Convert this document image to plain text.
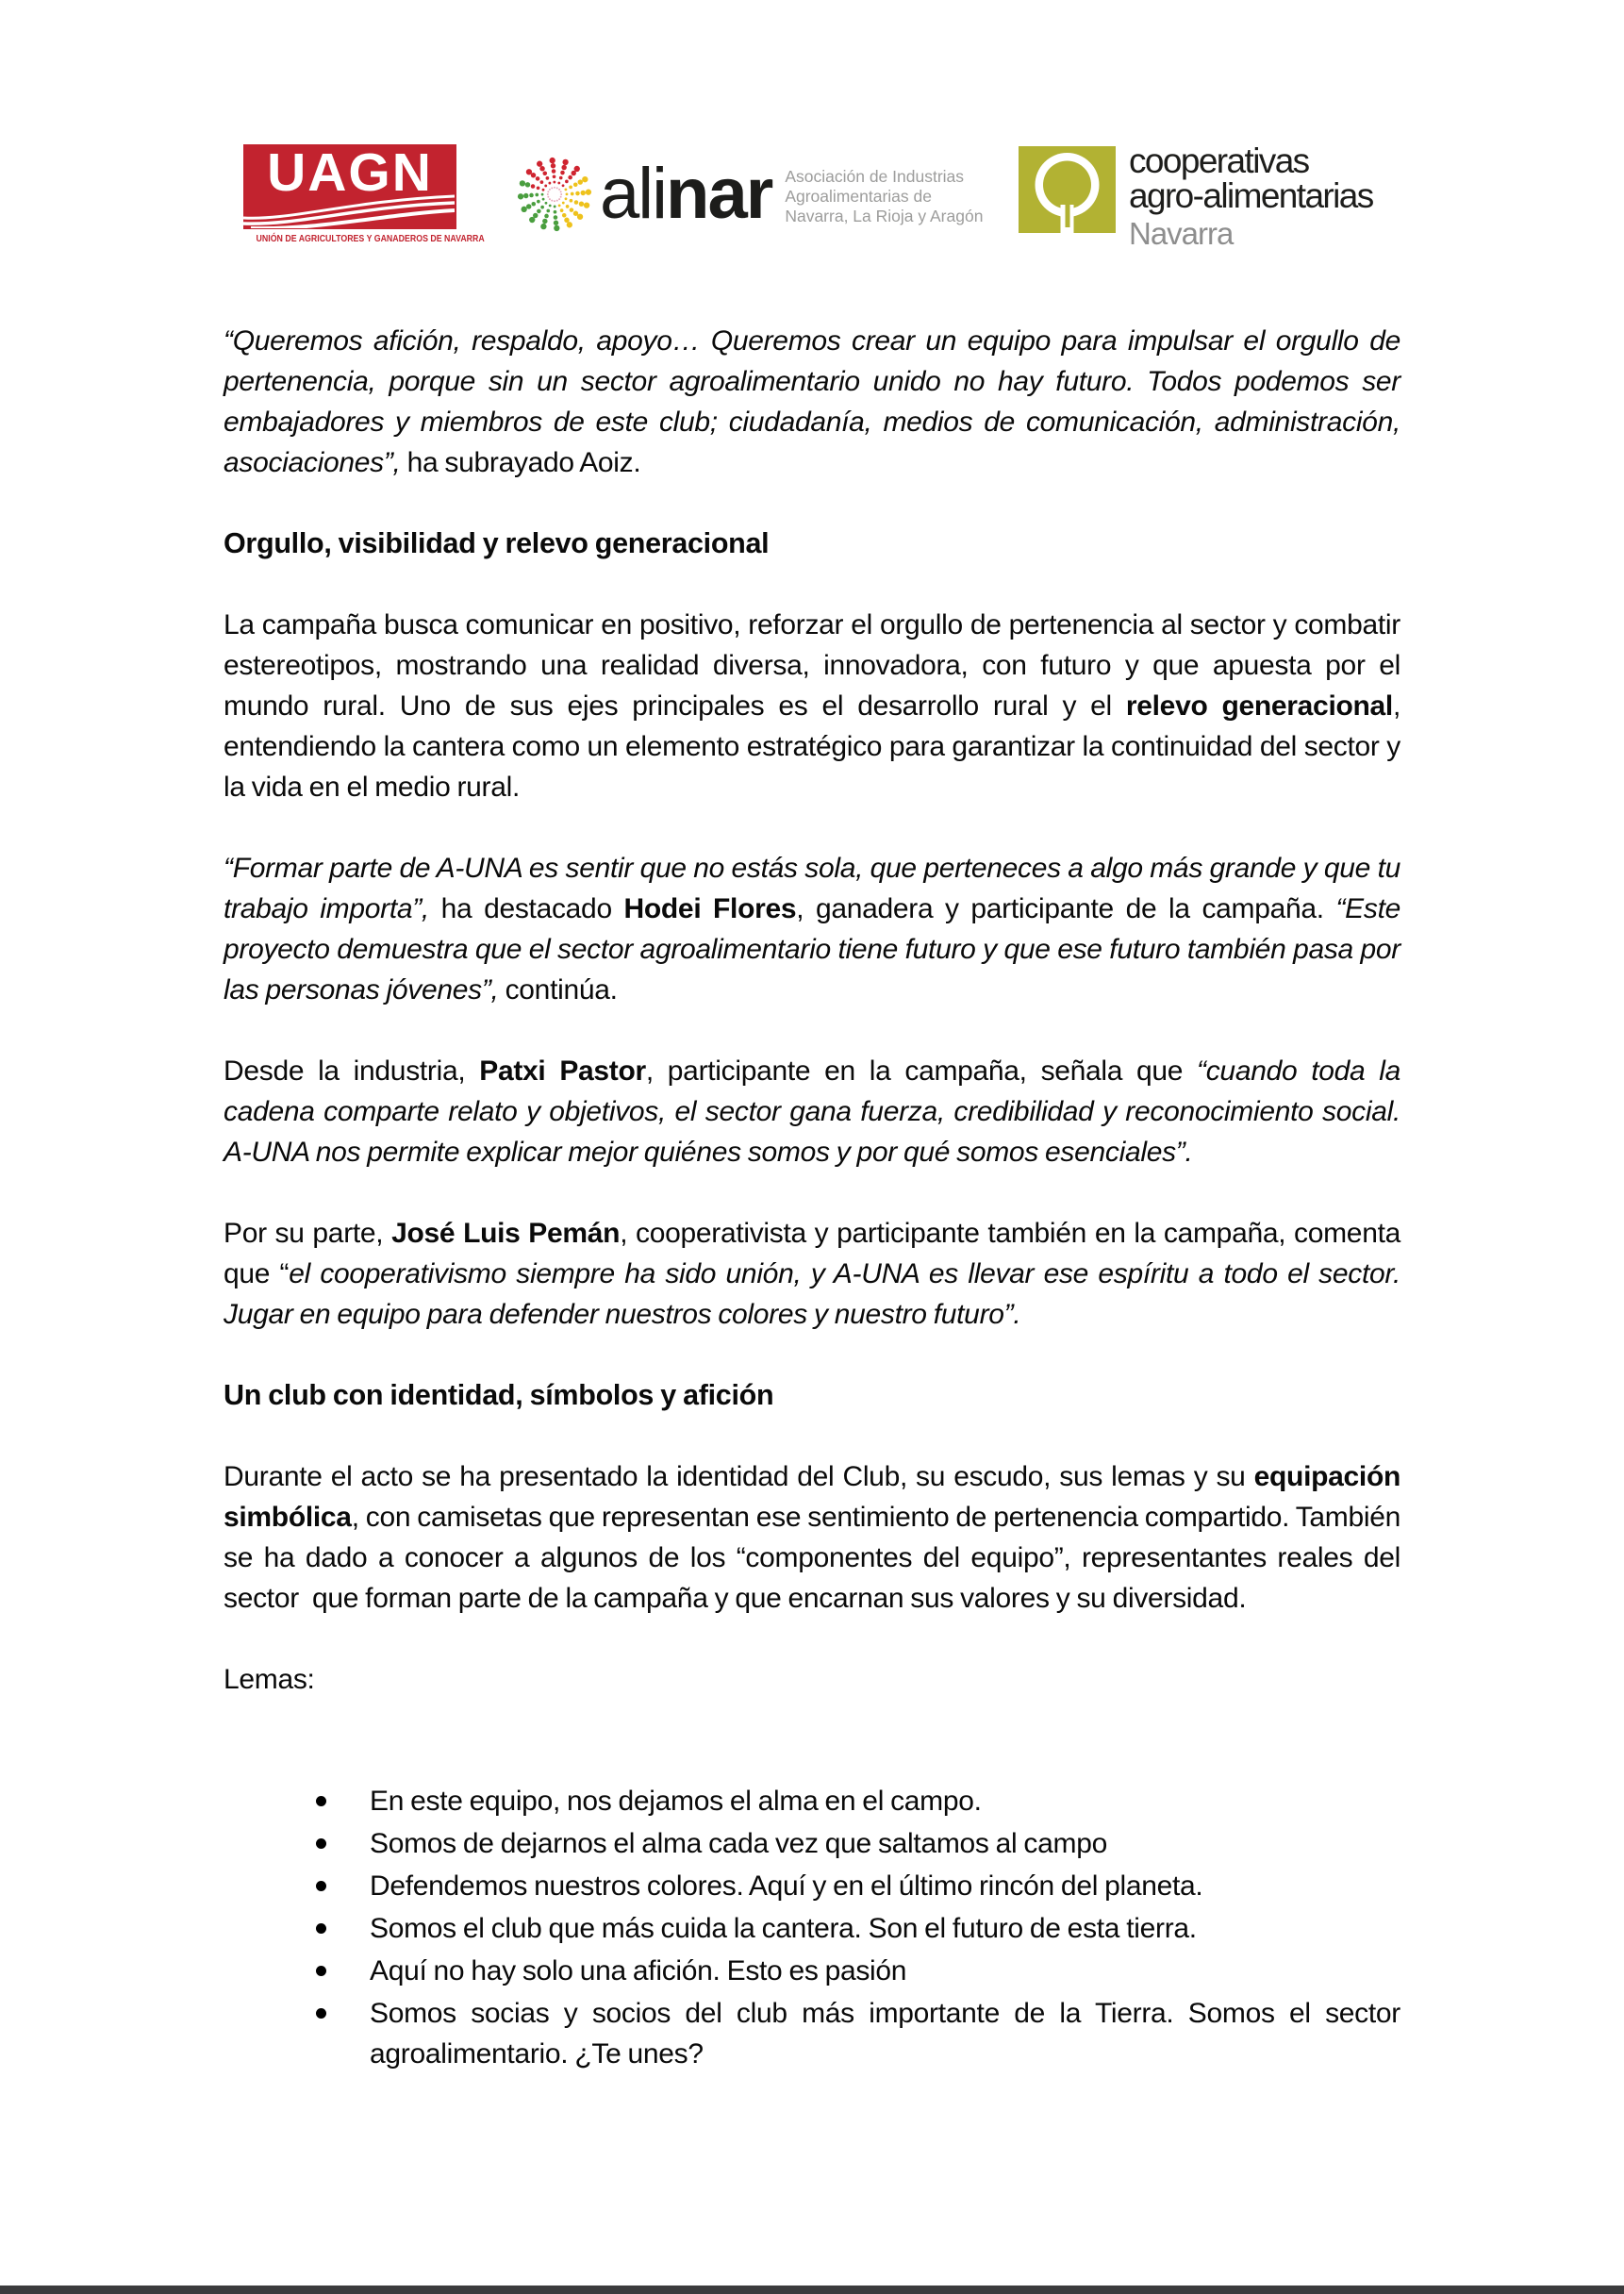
UAGN
UNIÓN DE AGRICULTORES Y GANADEROS DE NAVARRA
alinar Asociación de Industrias
Agroalimentarias de
Navarra, La Rioja y Aragón
cooperativas
agro-alimentarias
Navarra

“Queremos afición, respaldo, apoyo… Queremos crear un equipo para impulsar el orgullo de pertenencia, porque sin un sector agroalimentario unido no hay futuro. Todos podemos ser embajadores y miembros de este club; ciudadanía, medios de comunicación, administración, asociaciones”, ha subrayado Aoiz.

Orgullo, visibilidad y relevo generacional

La campaña busca comunicar en positivo, reforzar el orgullo de pertenencia al sector y combatir estereotipos, mostrando una realidad diversa, innovadora, con futuro y que apuesta por el mundo rural. Uno de sus ejes principales es el desarrollo rural y el relevo generacional, entendiendo la cantera como un elemento estratégico para garantizar la continuidad del sector y la vida en el medio rural.

“Formar parte de A-UNA es sentir que no estás sola, que perteneces a algo más grande y que tu trabajo importa”, ha destacado Hodei Flores, ganadera y participante de la campaña. “Este proyecto demuestra que el sector agroalimentario tiene futuro y que ese futuro también pasa por las personas jóvenes”, continúa.

Desde la industria, Patxi Pastor, participante en la campaña, señala que “cuando toda la cadena comparte relato y objetivos, el sector gana fuerza, credibilidad y reconocimiento social. A-UNA nos permite explicar mejor quiénes somos y por qué somos esenciales”.

Por su parte, José Luis Pemán, cooperativista y participante también en la campaña, comenta que “el cooperativismo siempre ha sido unión, y A-UNA es llevar ese espíritu a todo el sector. Jugar en equipo para defender nuestros colores y nuestro futuro”.

Un club con identidad, símbolos y afición

Durante el acto se ha presentado la identidad del Club, su escudo, sus lemas y su equipación simbólica, con camisetas que representan ese sentimiento de pertenencia compartido. También se ha dado a conocer a algunos de los “componentes del equipo”, representantes reales del sector  que forman parte de la campaña y que encarnan sus valores y su diversidad.

Lemas:

En este equipo, nos dejamos el alma en el campo.
Somos de dejarnos el alma cada vez que saltamos al campo
Defendemos nuestros colores. Aquí y en el último rincón del planeta.
Somos el club que más cuida la cantera. Son el futuro de esta tierra.
Aquí no hay solo una afición. Esto es pasión
Somos socias y socios del club más importante de la Tierra. Somos el sector agroalimentario. ¿Te unes?
